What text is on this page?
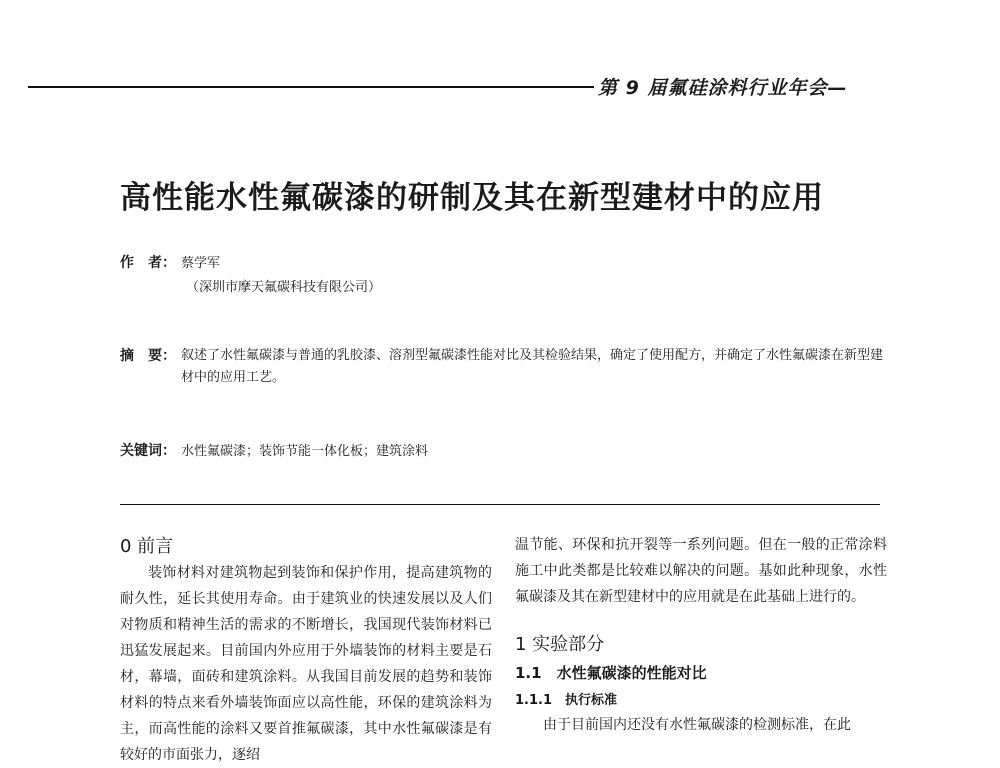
第 9 届氟硅涂料行业年会—
高性能水性氟碳漆的研制及其在新型建材中的应用
作　者： 蔡学军
（深圳市摩天氟碳科技有限公司）
摘　要： 叙述了水性氟碳漆与普通的乳胶漆、溶剂型氟碳漆性能对比及其检验结果，确定了使用配方，并确定了水性氟碳漆在新型建材中的应用工艺。

关键词： 水性氟碳漆；装饰节能一体化板；建筑涂料
0 前言

装饰材料对建筑物起到装饰和保护作用，提高建筑物的耐久性，延长其使用寿命。由于建筑业的快速发展以及人们对物质和精神生活的需求的不断增长，我国现代装饰材料已迅猛发展起来。目前国内外应用于外墙装饰的材料主要是石材，幕墙，面砖和建筑涂料。从我国目前发展的趋势和装饰材料的特点来看外墙装饰面应以高性能，环保的建筑涂料为主，而高性能的涂料又要首推氟碳漆，其中水性氟碳漆是有较好的市面张力，逐绍

温节能、环保和抗开裂等一系列问题。但在一般的正常涂料施工中此类都是比较难以解决的问题。基如此种现象，水性氟碳漆及其在新型建材中的应用就是在此基础上进行的。

1 实验部分
1.1　水性氟碳漆的性能对比
1.1.1　执行标准

由于目前国内还没有水性氟碳漆的检测标准，在此
